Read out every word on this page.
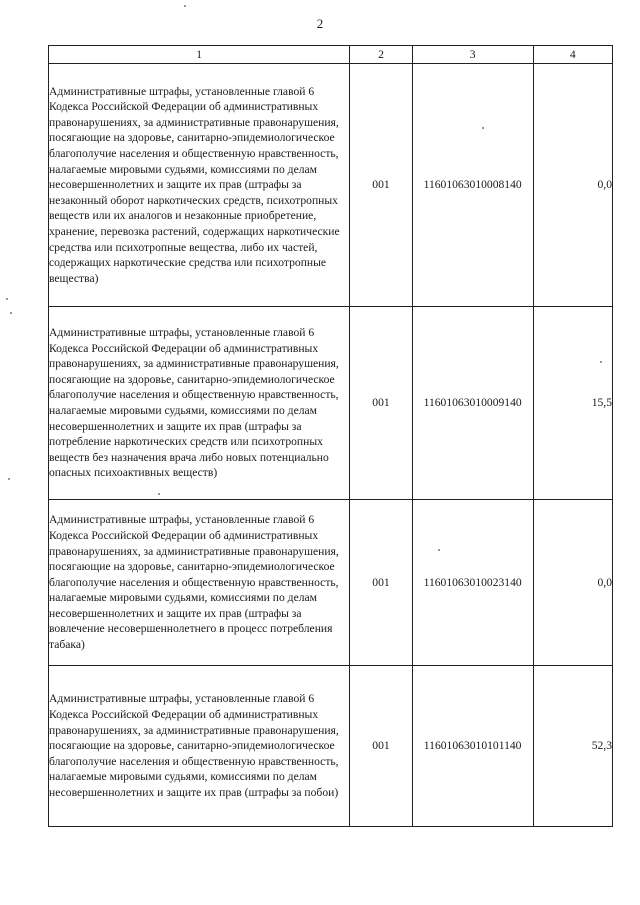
2
1	2	3	4
Административные штрафы, установленные главой 6 Кодекса Российской Федерации об административных правонарушениях, за административные правонарушения, посягающие на здоровье, санитарно-эпидемиологическое благополучие населения и общественную нравственность, налагаемые мировыми судьями, комиссиями по делам несовершеннолетних и защите их прав (штрафы за незаконный оборот наркотических средств, психотропных веществ или их аналогов и незаконные приобретение, хранение, перевозка растений, содержащих наркотические средства или психотропные вещества, либо их частей, содержащих наркотические средства или психотропные вещества)	001	11601063010008140	0,0
Административные штрафы, установленные главой 6 Кодекса Российской Федерации об административных правонарушениях, за административные правонарушения, посягающие на здоровье, санитарно-эпидемиологическое благополучие населения и общественную нравственность, налагаемые мировыми судьями, комиссиями по делам несовершеннолетних и защите их прав (штрафы за потребление наркотических средств или психотропных веществ без назначения врача либо новых потенциально опасных психоактивных веществ)	001	11601063010009140	15,5
Административные штрафы, установленные главой 6 Кодекса Российской Федерации об административных правонарушениях, за административные правонарушения, посягающие на здоровье, санитарно-эпидемиологическое благополучие населения и общественную нравственность, налагаемые мировыми судьями, комиссиями по делам несовершеннолетних и защите их прав (штрафы за вовлечение несовершеннолетнего в процесс потребления табака)	001	11601063010023140	0,0
Административные штрафы, установленные главой 6 Кодекса Российской Федерации об административных правонарушениях, за административные правонарушения, посягающие на здоровье, санитарно-эпидемиологическое благополучие населения и общественную нравственность, налагаемые мировыми судьями, комиссиями по делам несовершеннолетних и защите их прав (штрафы за побои)	001	11601063010101140	52,3
